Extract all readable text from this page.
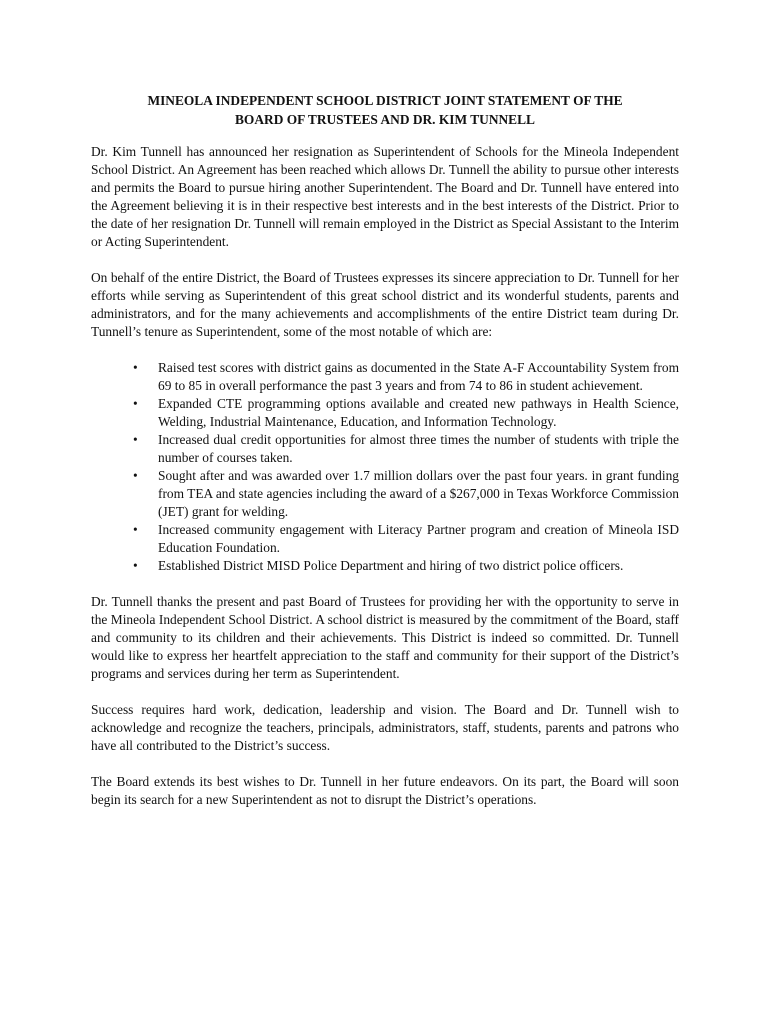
MINEOLA INDEPENDENT SCHOOL DISTRICT JOINT STATEMENT OF THE
BOARD OF TRUSTEES AND DR. KIM TUNNELL

Dr. Kim Tunnell has announced her resignation as Superintendent of Schools for the Mineola Independent School District. An Agreement has been reached which allows Dr. Tunnell the ability to pursue other interests and permits the Board to pursue hiring another Superintendent. The Board and Dr. Tunnell have entered into the Agreement believing it is in their respective best interests and in the best interests of the District. Prior to the date of her resignation Dr. Tunnell will remain employed in the District as Special Assistant to the Interim or Acting Superintendent.

On behalf of the entire District, the Board of Trustees expresses its sincere appreciation to Dr. Tunnell for her efforts while serving as Superintendent of this great school district and its wonderful students, parents and administrators, and for the many achievements and accomplishments of the entire District team during Dr. Tunnell’s tenure as Superintendent, some of the most notable of which are:

• Raised test scores with district gains as documented in the State A-F Accountability System from 69 to 85 in overall performance the past 3 years and from 74 to 86 in student achievement.
• Expanded CTE programming options available and created new pathways in Health Science, Welding, Industrial Maintenance, Education, and Information Technology.
• Increased dual credit opportunities for almost three times the number of students with triple the number of courses taken.
• Sought after and was awarded over 1.7 million dollars over the past four years. in grant funding from TEA and state agencies including the award of a $267,000 in Texas Workforce Commission (JET) grant for welding.
• Increased community engagement with Literacy Partner program and creation of Mineola ISD Education Foundation.
• Established District MISD Police Department and hiring of two district police officers.

Dr. Tunnell thanks the present and past Board of Trustees for providing her with the opportunity to serve in the Mineola Independent School District. A school district is measured by the commitment of the Board, staff and community to its children and their achievements. This District is indeed so committed. Dr. Tunnell would like to express her heartfelt appreciation to the staff and community for their support of the District’s programs and services during her term as Superintendent.

Success requires hard work, dedication, leadership and vision. The Board and Dr. Tunnell wish to acknowledge and recognize the teachers, principals, administrators, staff, students, parents and patrons who have all contributed to the District’s success.

The Board extends its best wishes to Dr. Tunnell in her future endeavors. On its part, the Board will soon begin its search for a new Superintendent as not to disrupt the District’s operations.
